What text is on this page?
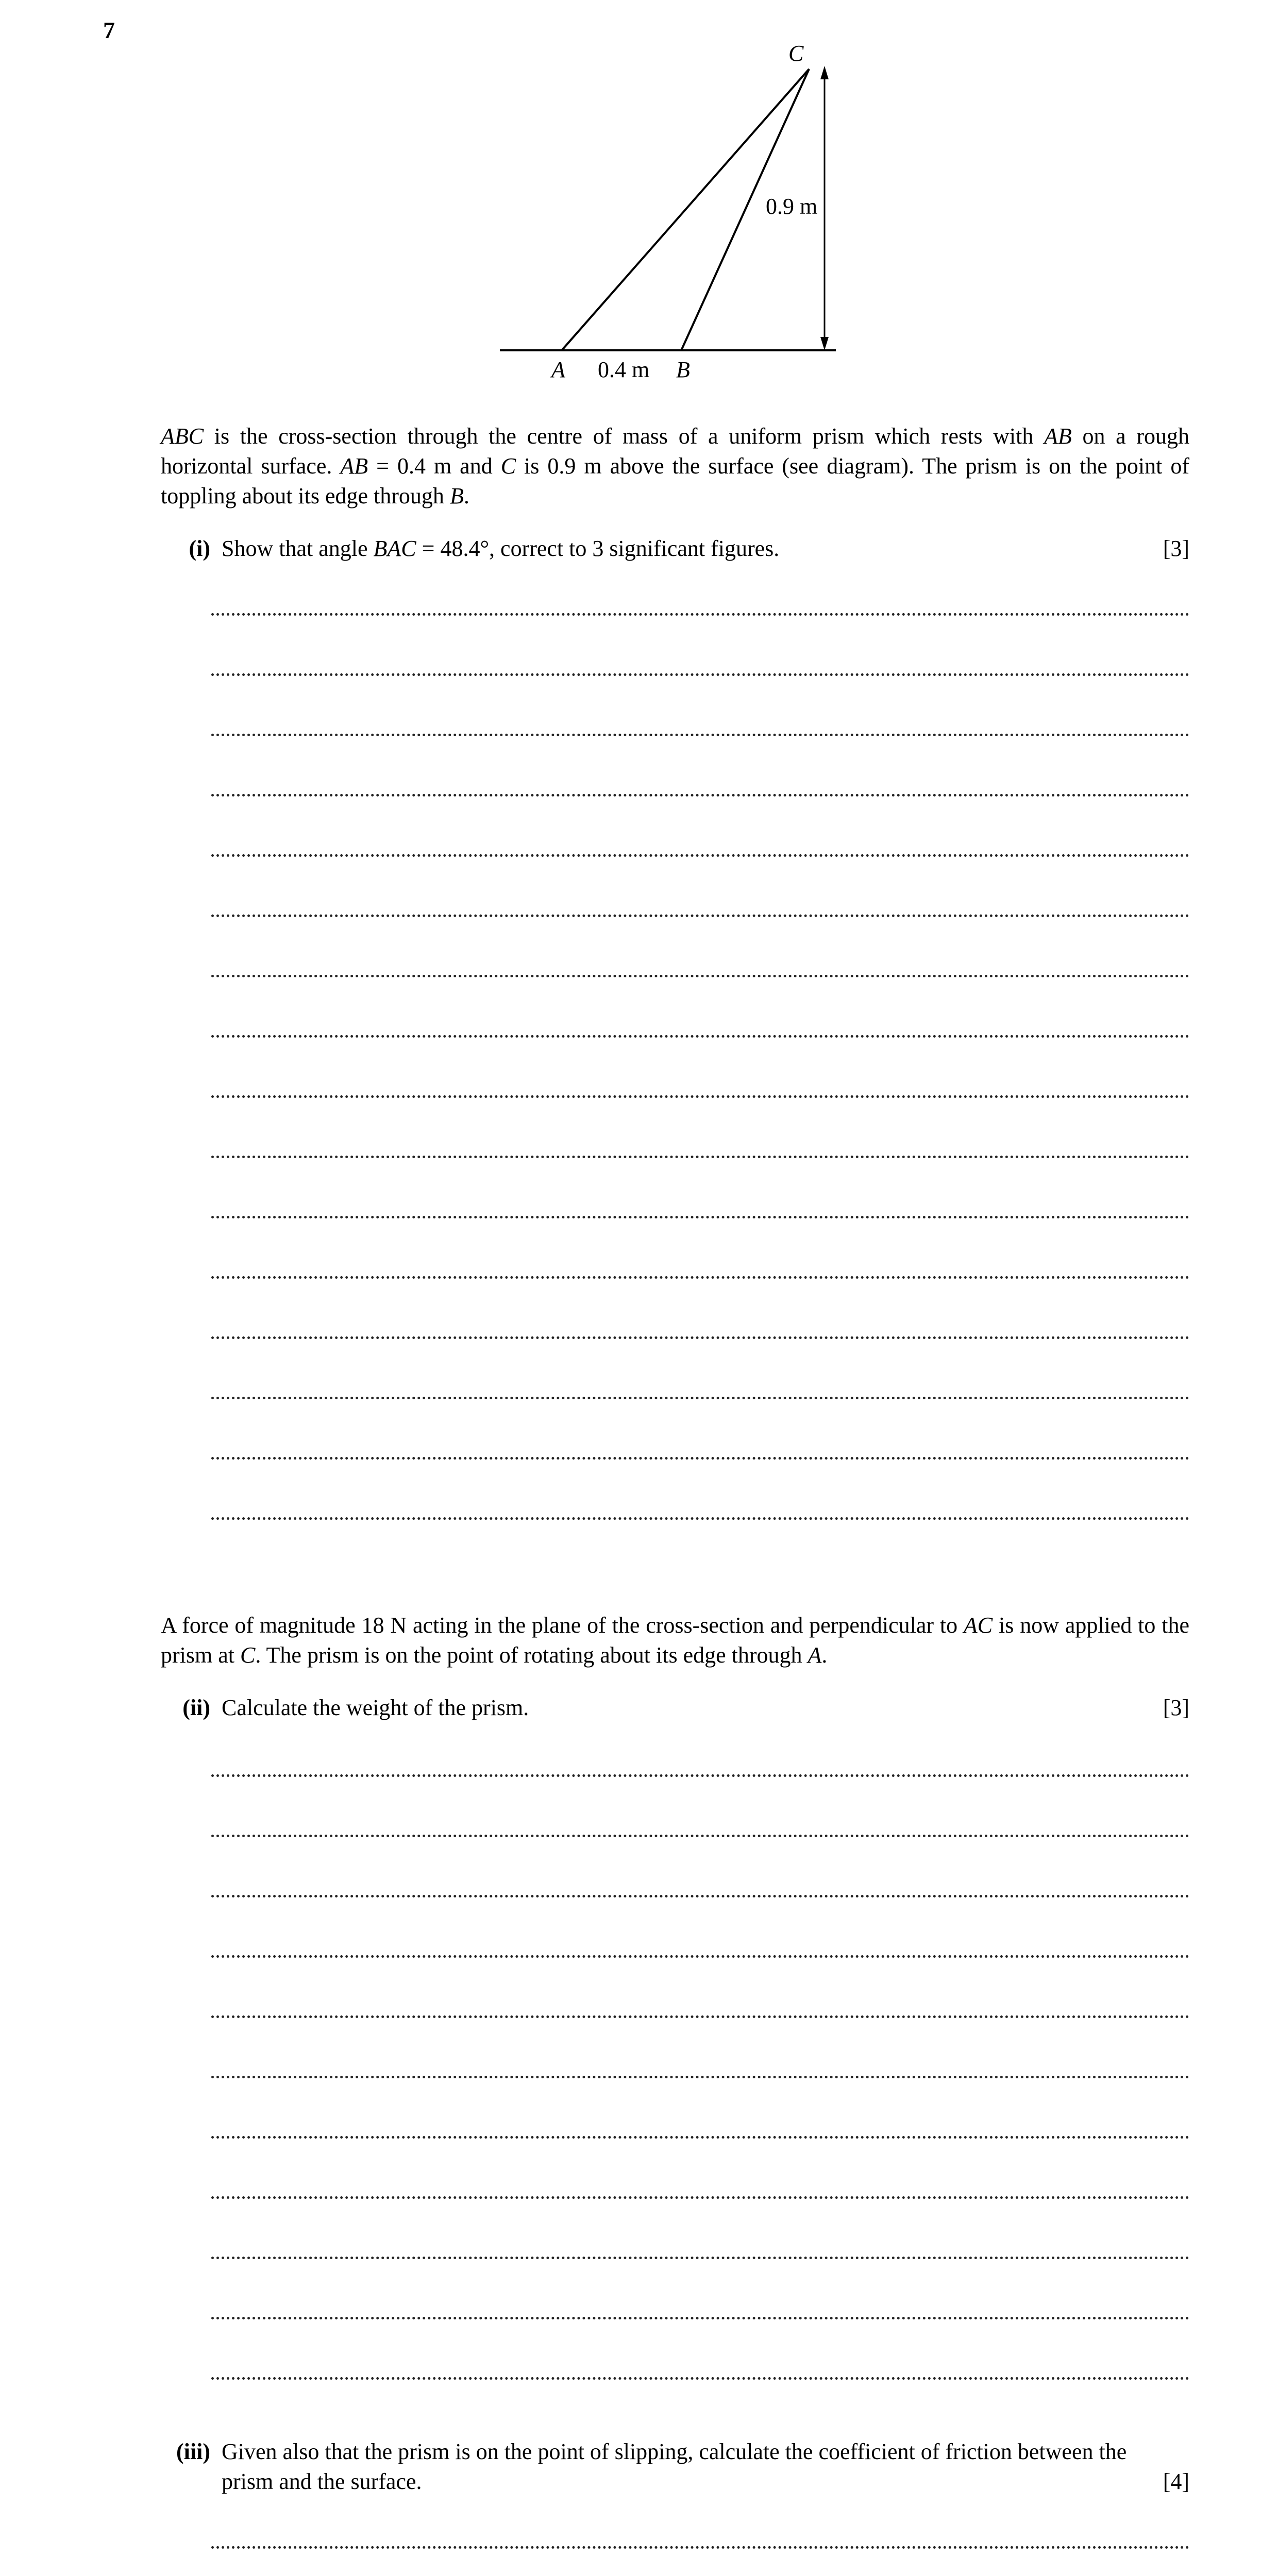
7
C
A	B
0.4 m
0.9 m

ABC is the cross-section through the centre of mass of a uniform prism which rests with AB on a rough horizontal surface. AB = 0.4 m and C is 0.9 m above the surface (see diagram). The prism is on the point of toppling about its edge through B.

(i) Show that angle BAC = 48.4°, correct to 3 significant figures.	[3]

A force of magnitude 18 N acting in the plane of the cross-section and perpendicular to AC is now applied to the prism at C. The prism is on the point of rotating about its edge through A.

(ii) Calculate the weight of the prism.	[3]
(iii) Given also that the prism is on the point of slipping, calculate the coefficient of friction between the prism and the surface.	[4]
